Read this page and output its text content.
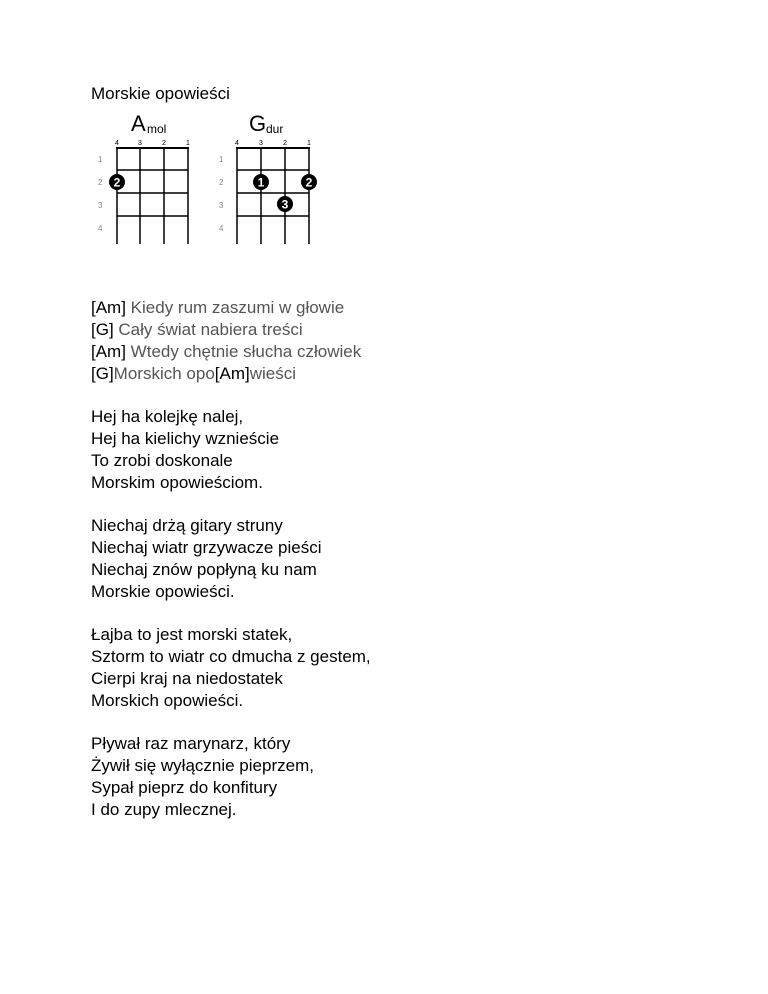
Morskie opowieści
A mol
4	3	2	1
1
2
3
4
2
G dur
4	3	2	1
1
2
3
4
1	2
3
[Am] Kiedy rum zaszumi w głowie
[G] Cały świat nabiera treści
[Am] Wtedy chętnie słucha człowiek
[G]Morskich opo[Am]wieści
Hej ha kolejkę nalej,
Hej ha kielichy wznieście
To zrobi doskonale
Morskim opowieściom.
Niechaj drżą gitary struny
Niechaj wiatr grzywacze pieści
Niechaj znów popłyną ku nam
Morskie opowieści.
Łajba to jest morski statek,
Sztorm to wiatr co dmucha z gestem,
Cierpi kraj na niedostatek
Morskich opowieści.
Pływał raz marynarz, który
Żywił się wyłącznie pieprzem,
Sypał pieprz do konfitury
I do zupy mlecznej.
